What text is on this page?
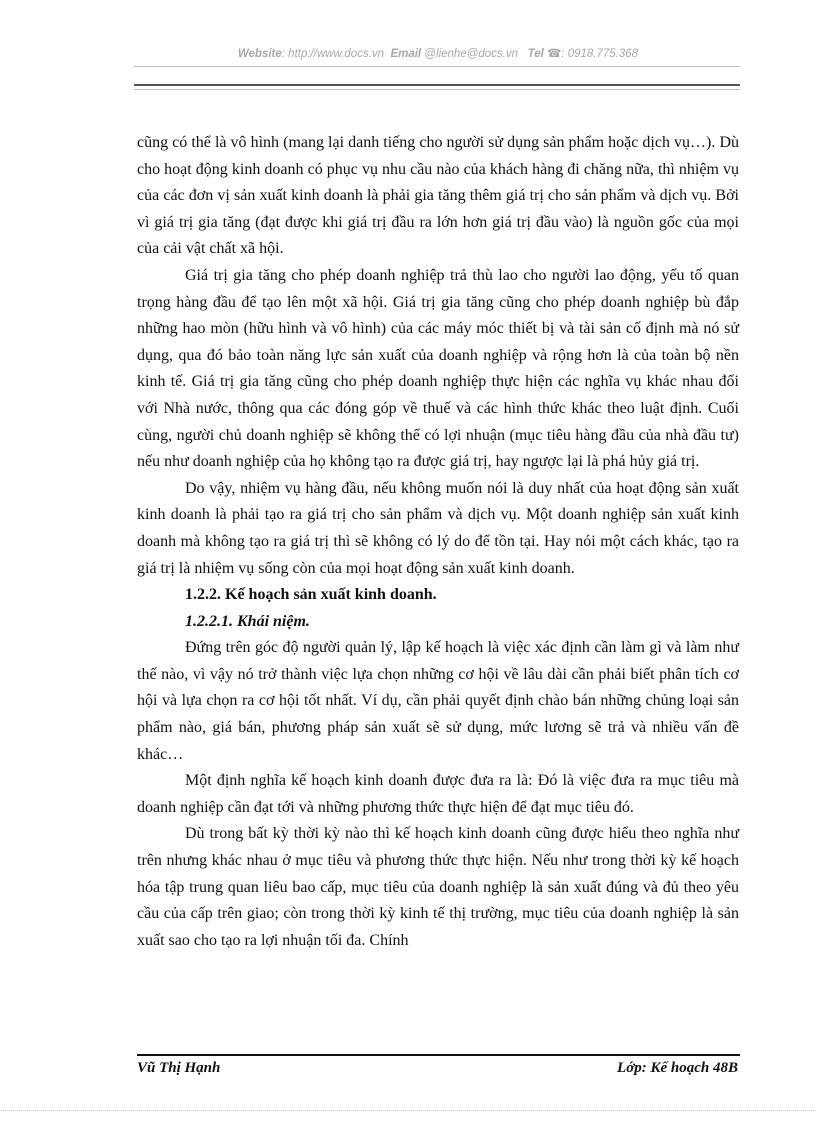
Website: http://www.docs.vn Email @lienhe@docs.vn Tel ☎: 0918.775.368

cũng có thể là vô hình (mang lại danh tiếng cho người sử dụng sản phẩm hoặc dịch vụ…). Dù cho hoạt động kinh doanh có phục vụ nhu cầu nào của khách hàng đi chăng nữa, thì nhiệm vụ của các đơn vị sản xuất kinh doanh là phải gia tăng thêm giá trị cho sản phẩm và dịch vụ. Bởi vì giá trị gia tăng (đạt được khi giá trị đầu ra lớn hơn giá trị đầu vào) là nguồn gốc của mọi của cải vật chất xã hội.

Giá trị gia tăng cho phép doanh nghiệp trả thù lao cho người lao động, yếu tố quan trọng hàng đầu để tạo lên một xã hội. Giá trị gia tăng cũng cho phép doanh nghiệp bù đắp những hao mòn (hữu hình và vô hình) của các máy móc thiết bị và tài sản cố định mà nó sử dụng, qua đó bảo toàn năng lực sản xuất của doanh nghiệp và rộng hơn là của toàn bộ nền kinh tế. Giá trị gia tăng cũng cho phép doanh nghiệp thực hiện các nghĩa vụ khác nhau đối với Nhà nước, thông qua các đóng góp về thuế và các hình thức khác theo luật định. Cuối cùng, người chủ doanh nghiệp sẽ không thể có lợi nhuận (mục tiêu hàng đầu của nhà đầu tư) nếu như doanh nghiệp của họ không tạo ra được giá trị, hay ngược lại là phá hủy giá trị.

Do vậy, nhiệm vụ hàng đầu, nếu không muốn nói là duy nhất của hoạt động sản xuất kinh doanh là phải tạo ra giá trị cho sản phẩm và dịch vụ. Một doanh nghiệp sản xuất kinh doanh mà không tạo ra giá trị thì sẽ không có lý do để tồn tại. Hay nói một cách khác, tạo ra giá trị là nhiệm vụ sống còn của mọi hoạt động sản xuất kinh doanh.

1.2.2. Kế hoạch sản xuất kinh doanh.

1.2.2.1. Khái niệm.

Đứng trên góc độ người quản lý, lập kế hoạch là việc xác định cần làm gì và làm như thế nào, vì vậy nó trở thành việc lựa chọn những cơ hội về lâu dài cần phải biết phân tích cơ hội và lựa chọn ra cơ hội tốt nhất. Ví dụ, cần phải quyết định chào bán những chủng loại sản phẩm nào, giá bán, phương pháp sản xuất sẽ sử dụng, mức lương sẽ trả và nhiều vấn đề khác…

Một định nghĩa kế hoạch kinh doanh được đưa ra là: Đó là việc đưa ra mục tiêu mà doanh nghiệp cần đạt tới và những phương thức thực hiện để đạt mục tiêu đó.

Dù trong bất kỳ thời kỳ nào thì kế hoạch kinh doanh cũng được hiểu theo nghĩa như trên nhưng khác nhau ở mục tiêu và phương thức thực hiện. Nếu như trong thời kỳ kế hoạch hóa tập trung quan liêu bao cấp, mục tiêu của doanh nghiệp là sản xuất đúng và đủ theo yêu cầu của cấp trên giao; còn trong thời kỳ kinh tế thị trường, mục tiêu của doanh nghiệp là sản xuất sao cho tạo ra lợi nhuận tối đa. Chính

Vũ Thị Hạnh	Lớp: Kế hoạch 48B
